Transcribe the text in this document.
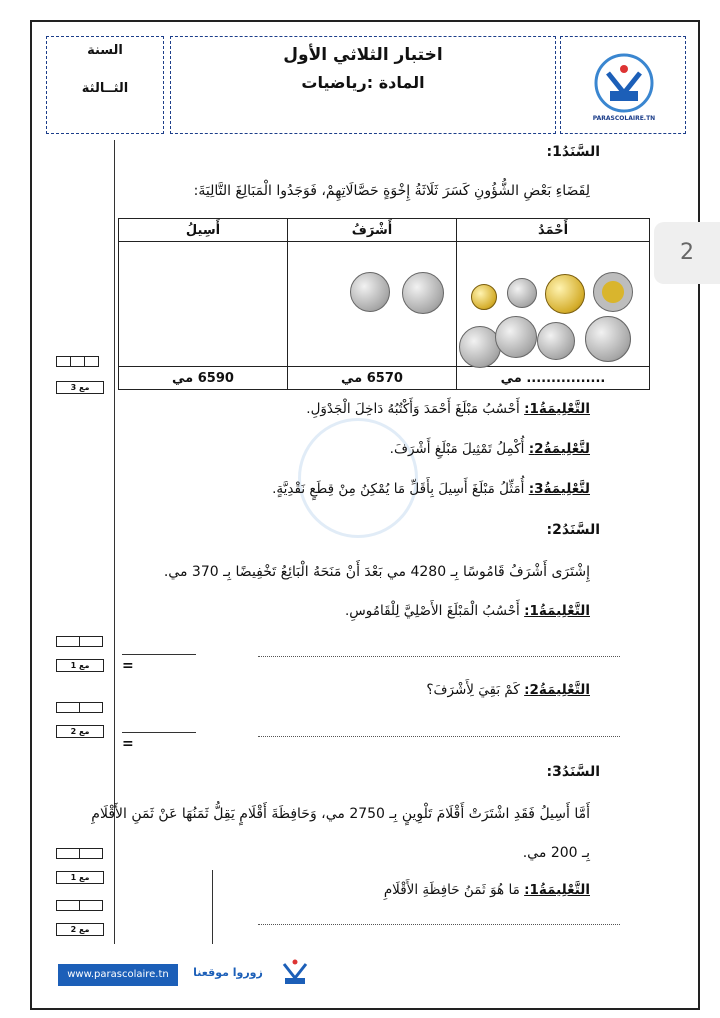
السنة
الثــالثة
اختبار الثلاثي الأول
المادة :رياضيات
PARASCOLAIRE.TN
2
السَّنَدُ1:
لِقَضَاءِ بَعْضِ الشُّؤُونِ كَسَرَ ثَلَاثَةُ إِخْوَةٍ حَصَّالَاتِهِمْ، فَوَجَدُوا الْمَبَالِغَ التَّالِيَةَ:
أَسِيلُ	أَشْرَفُ	أَحْمَدُ

6590 مي	6570 مي	................ مي
مع 3
التَّعْلِيمَةُ1: أَحْسُبُ مَبْلَغَ أَحْمَدَ وَأَكْتُبُهُ دَاخِلَ الْجَدْوَلِ.
لتَّعْلِيمَةُ2: أُكْمِلُ تَمْثِيلَ مَبْلَغِ أَشْرَفَ.
لتَّعْلِيمَةُ3: أُمَثِّلُ مَبْلَغَ أَسِيلَ بِأَقَلِّ مَا يُمْكِنُ مِنْ قِطَعٍ نَقْدِيَّةٍ.
السَّنَدُ2:
إِشْتَرَى أَشْرَفُ قَامُوسًا بِـ 4280 مي بَعْدَ أَنْ مَنَحَهُ الْبَائِعُ تَخْفِيضًا بِـ 370 مي.
التَّعْلِيمَةُ1: أَحْسُبُ الْمَبْلَغَ الأَصْلِيَّ لِلْقَامُوسِ.
مع 1	=
التَّعْلِيمَةُ2: كَمْ بَقِيَ لِأَشْرَفَ؟
مع 2
=
السَّنَدُ3:
أَمَّا أَسِيلُ فَقَدِ اشْتَرَتْ أَقْلَامَ تَلْوِينٍ بِـ 2750 مي، وَحَافِظَةَ أَقْلَامٍ يَقِلُّ ثَمَنُهَا عَنْ ثَمَنِ الأَقْلَامِ
بِـ 200 مي.
التَّعْلِيمَةُ1: مَا هُوَ ثَمَنُ حَافِظَةِ الأَقْلَامِ
مع 1
مع 2
www.parascolaire.tn	زوروا موقعنا
